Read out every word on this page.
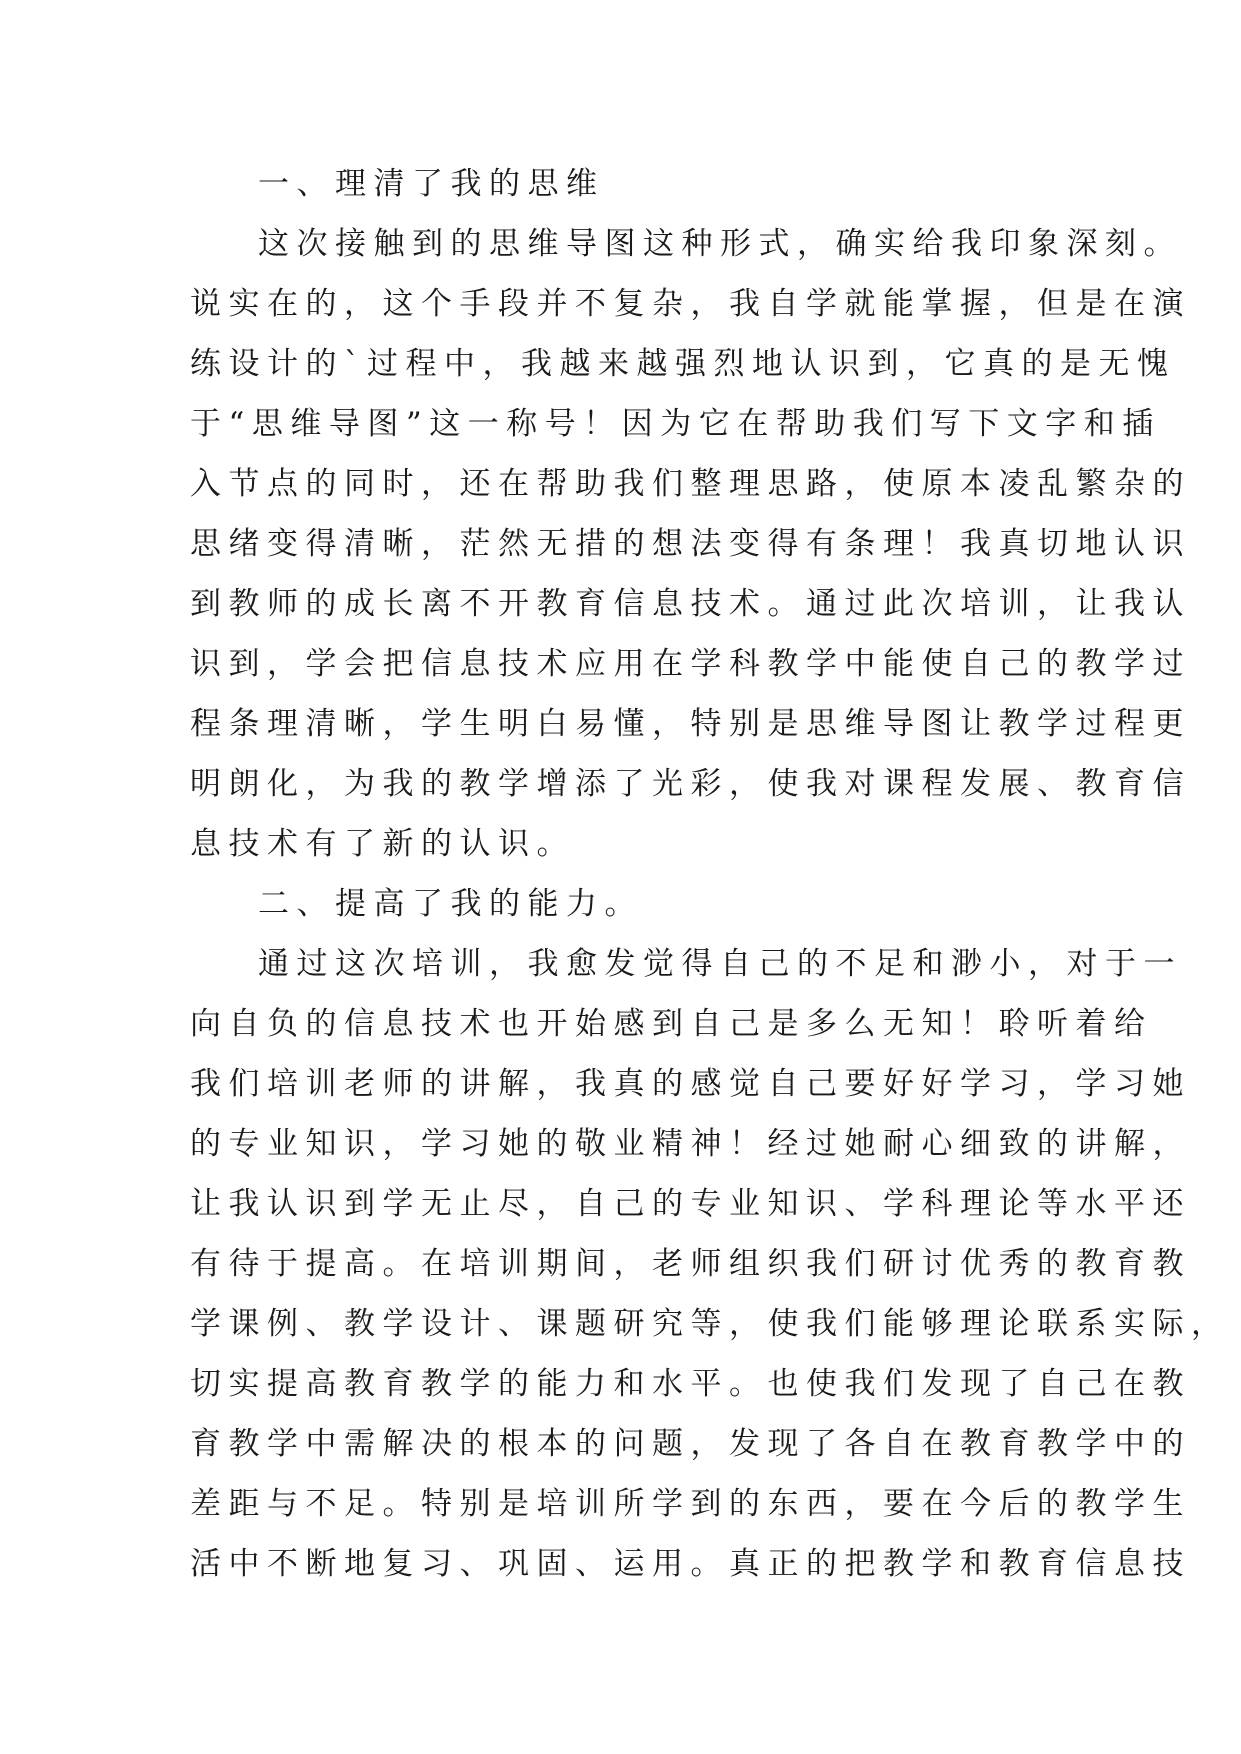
一、理清了我的思维
这次接触到的思维导图这种形式，确实给我印象深刻。
说实在的，这个手段并不复杂，我自学就能掌握，但是在演
练设计的`过程中，我越来越强烈地认识到，它真的是无愧
于“思维导图”这一称号！因为它在帮助我们写下文字和插
入节点的同时，还在帮助我们整理思路，使原本凌乱繁杂的
思绪变得清晰，茫然无措的想法变得有条理！我真切地认识
到教师的成长离不开教育信息技术。通过此次培训，让我认
识到，学会把信息技术应用在学科教学中能使自己的教学过
程条理清晰，学生明白易懂，特别是思维导图让教学过程更
明朗化，为我的教学增添了光彩，使我对课程发展、教育信
息技术有了新的认识。
二、提高了我的能力。
通过这次培训，我愈发觉得自己的不足和渺小，对于一
向自负的信息技术也开始感到自己是多么无知！聆听着给
我们培训老师的讲解，我真的感觉自己要好好学习，学习她
的专业知识，学习她的敬业精神！经过她耐心细致的讲解，
让我认识到学无止尽，自己的专业知识、学科理论等水平还
有待于提高。在培训期间，老师组织我们研讨优秀的教育教
学课例、教学设计、课题研究等，使我们能够理论联系实际，
切实提高教育教学的能力和水平。也使我们发现了自己在教
育教学中需解决的根本的问题，发现了各自在教育教学中的
差距与不足。特别是培训所学到的东西，要在今后的教学生
活中不断地复习、巩固、运用。真正的把教学和教育信息技
